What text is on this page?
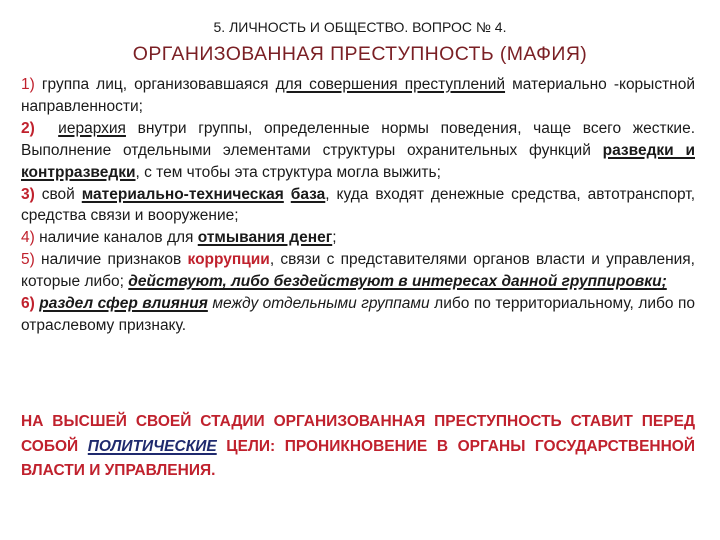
5. ЛИЧНОСТЬ И ОБЩЕСТВО. ВОПРОС № 4.
ОРГАНИЗОВАННАЯ ПРЕСТУПНОСТЬ (МАФИЯ)

1) группа лиц, организовавшаяся для совершения преступлений материально -корыстной направленности;

2) иерархия внутри группы, определенные нормы поведения, чаще всего жесткие. Выполнение отдельными элементами структуры охранительных функций разведки и контрразведки, с тем чтобы эта структура могла выжить;

3) свой материально-техническая база, куда входят денежные средства, автотранспорт, средства связи и вооружение;

4) наличие каналов для отмывания денег;

5) наличие признаков коррупции, связи с представителями органов власти и управления, которые либо; действуют, либо бездействуют в интересах данной группировки;

6) раздел сфер влияния между отдельными группами либо по территориальному, либо по отраслевому признаку.

НА ВЫСШЕЙ СВОЕЙ СТАДИИ ОРГАНИЗОВАННАЯ ПРЕСТУПНОСТЬ СТАВИТ ПЕРЕД СОБОЙ ПОЛИТИЧЕСКИЕ ЦЕЛИ: ПРОНИКНОВЕНИЕ В ОРГАНЫ ГОСУДАРСТВЕННОЙ ВЛАСТИ И УПРАВЛЕНИЯ.
